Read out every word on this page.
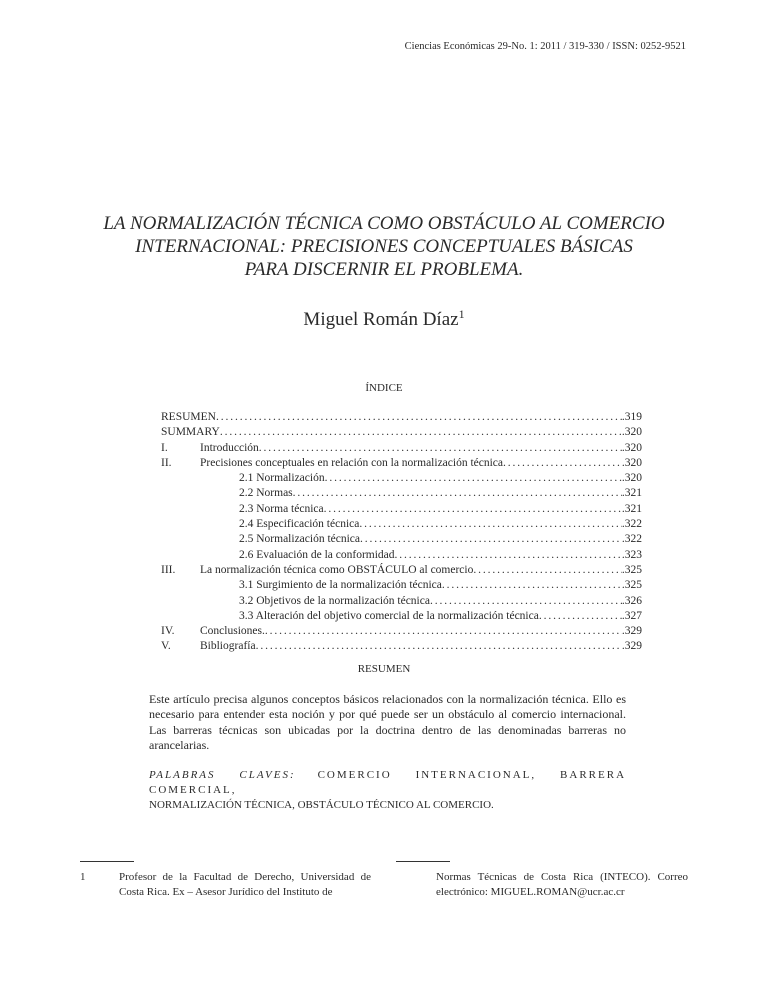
Ciencias Económicas 29-No. 1: 2011 / 319-330 / ISSN: 0252-9521
LA NORMALIZACIÓN TÉCNICA COMO OBSTÁCULO AL COMERCIO
INTERNACIONAL: PRECISIONES CONCEPTUALES BÁSICAS
PARA DISCERNIR EL PROBLEMA.
Miguel Román Díaz$^1$
ÍNDICE
RESUMEN . . .	.319
SUMMARY . . .	.320
I.	Introducción . . .	.320
II.	Precisiones conceptuales en relación con la normalización técnica . . .	.320
2.1 Normalización . . .	.320
2.2 Normas . . .	.321
2.3 Norma técnica . . .	.321
2.4 Especificación técnica . . .	.322
2.5 Normalización técnica . . .	.322
2.6 Evaluación de la conformidad . . .	.323
III.	La normalización técnica como OBSTÁCULO al comercio . . .	.325
3.1 Surgimiento de la normalización técnica . . .	.325
3.2 Objetivos de la normalización técnica . . .	.326
3.3 Alteración del objetivo comercial de la normalización técnica . . .	.327
IV.	Conclusiones. . . .	.329
V.	Bibliografía . . .	.329
RESUMEN
Este artículo precisa algunos conceptos básicos relacionados con la normalización técnica. Ello es necesario para entender esta noción y por qué puede ser un obstáculo al comercio internacional. Las barreras técnicas son ubicadas por la doctrina dentro de las denominadas barreras no arancelarias.
PALABRAS CLAVES: COMERCIO INTERNACIONAL, BARRERA COMERCIAL,
NORMALIZACIÓN TÉCNICA, OBSTÁCULO TÉCNICO AL COMERCIO.
1	Profesor de la Facultad de Derecho, Universidad de Costa Rica. Ex – Asesor Jurídico del Instituto de
Normas Técnicas de Costa Rica (INTECO). Correo electrónico: MIGUEL.ROMAN@ucr.ac.cr
